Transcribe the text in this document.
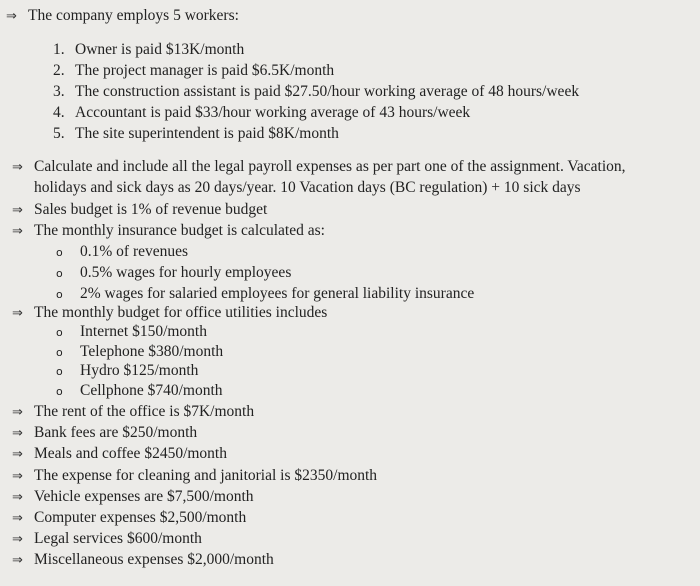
⇒ The company employs 5 workers:
1. Owner is paid $13K/month
2. The project manager is paid $6.5K/month
3. The construction assistant is paid $27.50/hour working average of 48 hours/week
4. Accountant is paid $33/hour working average of 43 hours/week
5. The site superintendent is paid $8K/month
⇒ Calculate and include all the legal payroll expenses as per part one of the assignment. Vacation,
holidays and sick days as 20 days/year. 10 Vacation days (BC regulation) + 10 sick days
⇒ Sales budget is 1% of revenue budget
⇒ The monthly insurance budget is calculated as:
o 0.1% of revenues
o 0.5% wages for hourly employees
o 2% wages for salaried employees for general liability insurance
⇒ The monthly budget for office utilities includes
o Internet $150/month
o Telephone $380/month
o Hydro $125/month
o Cellphone $740/month
⇒ The rent of the office is $7K/month
⇒ Bank fees are $250/month
⇒ Meals and coffee $2450/month
⇒ The expense for cleaning and janitorial is $2350/month
⇒ Vehicle expenses are $7,500/month
⇒ Computer expenses $2,500/month
⇒ Legal services $600/month
⇒ Miscellaneous expenses $2,000/month
